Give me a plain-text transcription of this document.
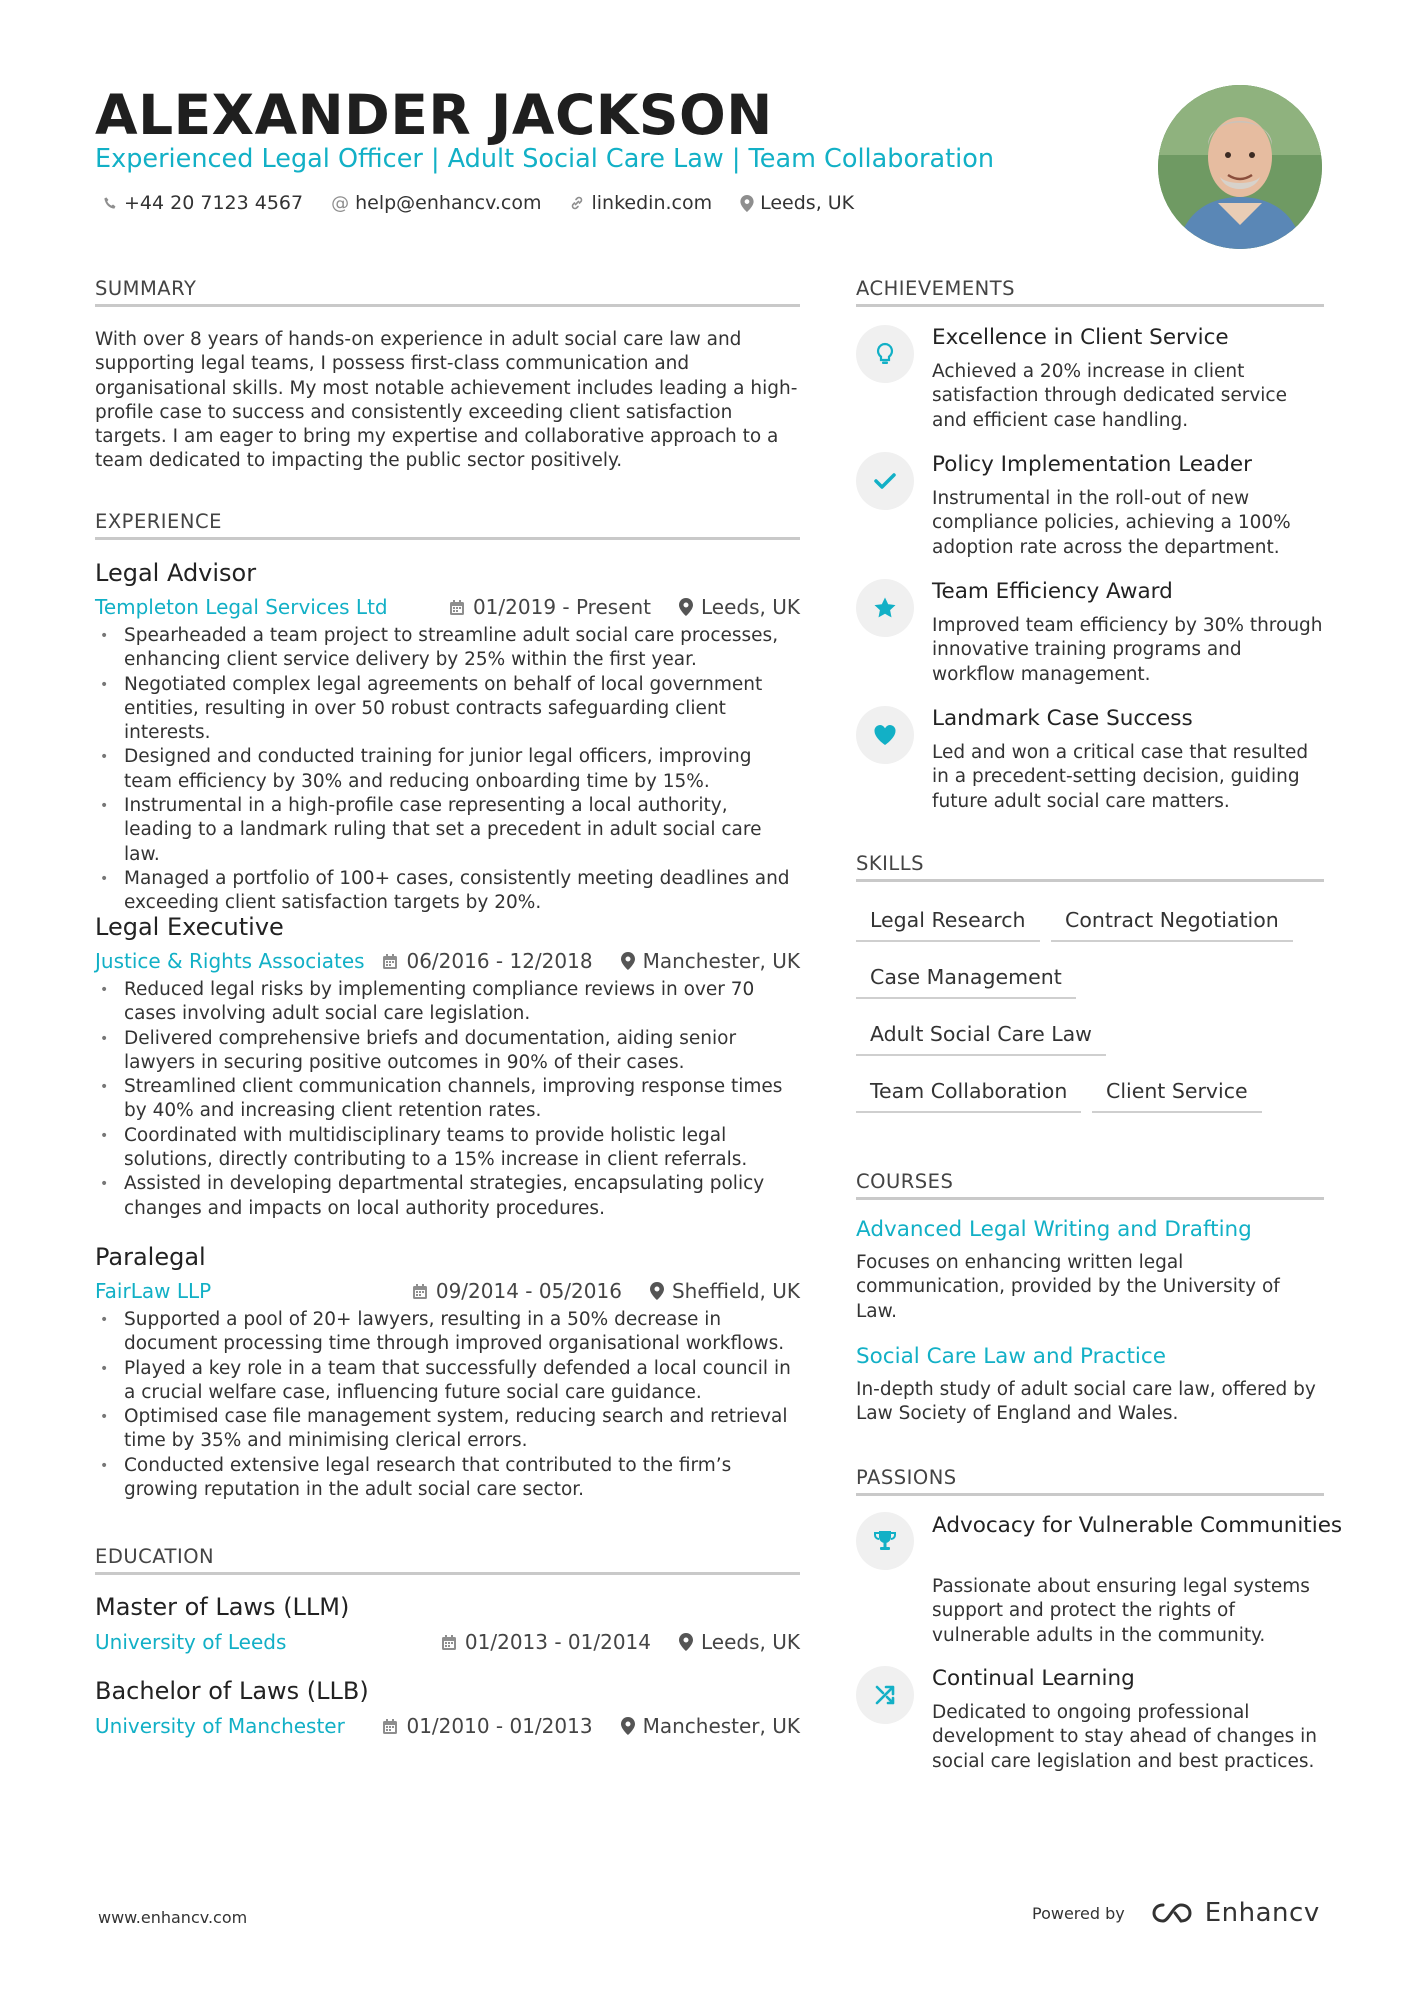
ALEXANDER JACKSON
Experienced Legal Officer | Adult Social Care Law | Team Collaboration
+44 20 7123 4567 @ help@enhancv.com	linkedin.com	Leeds, UK
SUMMARY
With over 8 years of hands-on experience in adult social care law and supporting legal teams, I possess first-class communication and organisational skills. My most notable achievement includes leading a high-profile case to success and consistently exceeding client satisfaction targets. I am eager to bring my expertise and collaborative approach to a team dedicated to impacting the public sector positively.
EXPERIENCE
Legal Advisor
Templeton Legal Services Ltd	01/2019 - Present	Leeds, UK
• Spearheaded a team project to streamline adult social care processes, enhancing client service delivery by 25% within the first year.
• Negotiated complex legal agreements on behalf of local government entities, resulting in over 50 robust contracts safeguarding client interests.
• Designed and conducted training for junior legal officers, improving team efficiency by 30% and reducing onboarding time by 15%.
• Instrumental in a high-profile case representing a local authority, leading to a landmark ruling that set a precedent in adult social care law.
• Managed a portfolio of 100+ cases, consistently meeting deadlines and exceeding client satisfaction targets by 20%.
Legal Executive
Justice & Rights Associates	06/2016 - 12/2018	Manchester, UK
• Reduced legal risks by implementing compliance reviews in over 70 cases involving adult social care legislation.
• Delivered comprehensive briefs and documentation, aiding senior lawyers in securing positive outcomes in 90% of their cases.
• Streamlined client communication channels, improving response times by 40% and increasing client retention rates.
• Coordinated with multidisciplinary teams to provide holistic legal solutions, directly contributing to a 15% increase in client referrals.
• Assisted in developing departmental strategies, encapsulating policy changes and impacts on local authority procedures.
Paralegal
FairLaw LLP	09/2014 - 05/2016	Sheffield, UK
• Supported a pool of 20+ lawyers, resulting in a 50% decrease in document processing time through improved organisational workflows.
• Played a key role in a team that successfully defended a local council in a crucial welfare case, influencing future social care guidance.
• Optimised case file management system, reducing search and retrieval time by 35% and minimising clerical errors.
• Conducted extensive legal research that contributed to the firm’s growing reputation in the adult social care sector.
EDUCATION
Master of Laws (LLM)
University of Leeds	01/2013 - 01/2014	Leeds, UK
Bachelor of Laws (LLB)
University of Manchester	01/2010 - 01/2013	Manchester, UK
ACHIEVEMENTS
Excellence in Client Service
Achieved a 20% increase in client satisfaction through dedicated service and efficient case handling.
Policy Implementation Leader
Instrumental in the roll-out of new compliance policies, achieving a 100% adoption rate across the department.
Team Efficiency Award
Improved team efficiency by 30% through innovative training programs and workflow management.
Landmark Case Success
Led and won a critical case that resulted in a precedent-setting decision, guiding future adult social care matters.
SKILLS
Legal Research	Contract Negotiation
Case Management
Adult Social Care Law
Team Collaboration	Client Service
COURSES
Advanced Legal Writing and Drafting
Focuses on enhancing written legal communication, provided by the University of Law.
Social Care Law and Practice
In-depth study of adult social care law, offered by Law Society of England and Wales.
PASSIONS
Advocacy for Vulnerable Communities
Passionate about ensuring legal systems support and protect the rights of vulnerable adults in the community.
Continual Learning
Dedicated to ongoing professional development to stay ahead of changes in social care legislation and best practices.
www.enhancv.com	Powered by	Enhancv
